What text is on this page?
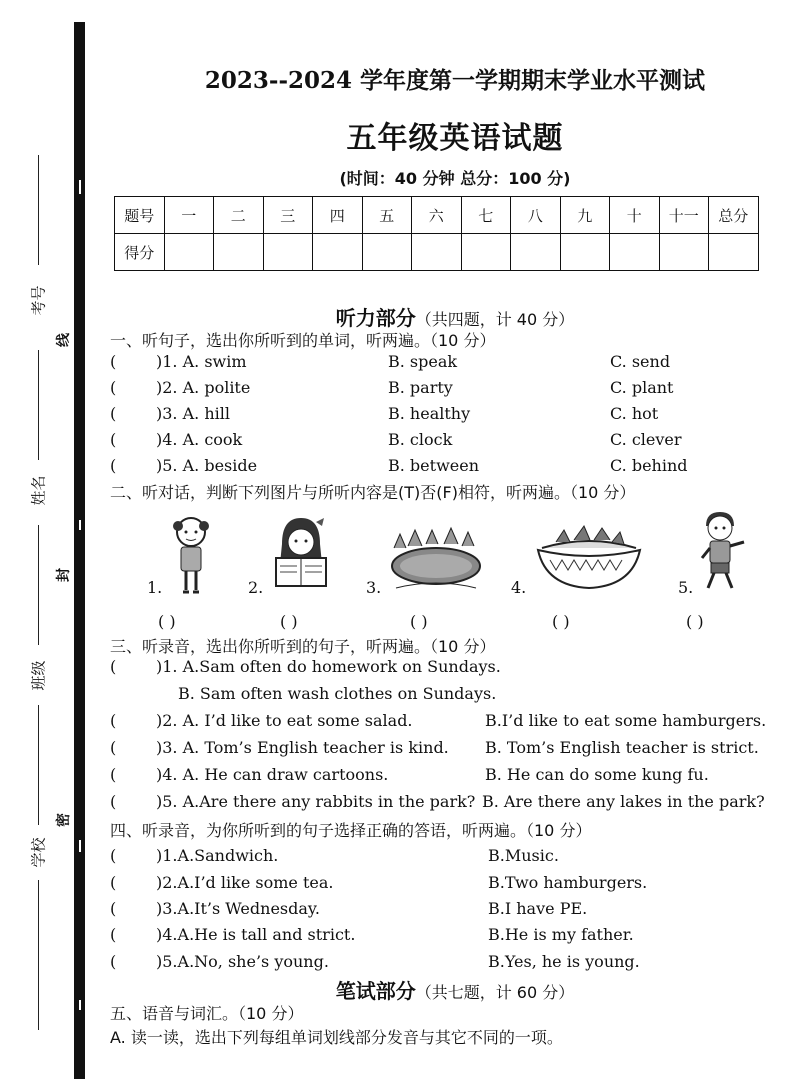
考号
姓名
班级
学校
线
封
密
2023--2024 学年度第一学期期末学业水平测试
五年级英语试题
(时间：40 分钟 总分：100 分)
题号	一	二	三	四	五	六	七	八	九	十	十一	总分
得分												
听力部分（共四题，计 40 分）
一、听句子，选出你所听到的单词，听两遍。（10 分）
( )1. A. swim	B. speak	C. send
( )2. A. polite	B. party	C. plant
( )3. A. hill	B. healthy	C. hot
( )4. A. cook	B. clock	C. clever
( )5. A. beside	B. between	C. behind
二、听对话，判断下列图片与所听内容是(T)否(F)相符，听两遍。（10 分）
1.	2.	3.	4.	5.
( )	( )	( )	( )	( )
三、听录音，选出你所听到的句子，听两遍。（10 分）
( )1. A.Sam often do homework on Sundays.
B. Sam often wash clothes on Sundays.
( )2. A. I’d like to eat some salad.	B.I’d like to eat some hamburgers.
( )3. A. Tom’s English teacher is kind. B. Tom’s English teacher is strict.
( )4. A. He can draw cartoons.	B. He can do some kung fu.
( )5. A.Are there any rabbits in the park? B. Are there any lakes in the park?
四、听录音，为你所听到的句子选择正确的答语，听两遍。（10 分）
( )1.A.Sandwich.	B.Music.
( )2.A.I’d like some tea.	B.Two hamburgers.
( )3.A.It’s Wednesday.	B.I have PE.
( )4.A.He is tall and strict.	B.He is my father.
( )5.A.No, she’s young.	B.Yes, he is young.
笔试部分（共七题，计 60 分）
五、语音与词汇。（10 分）
A. 读一读，选出下列每组单词划线部分发音与其它不同的一项。
